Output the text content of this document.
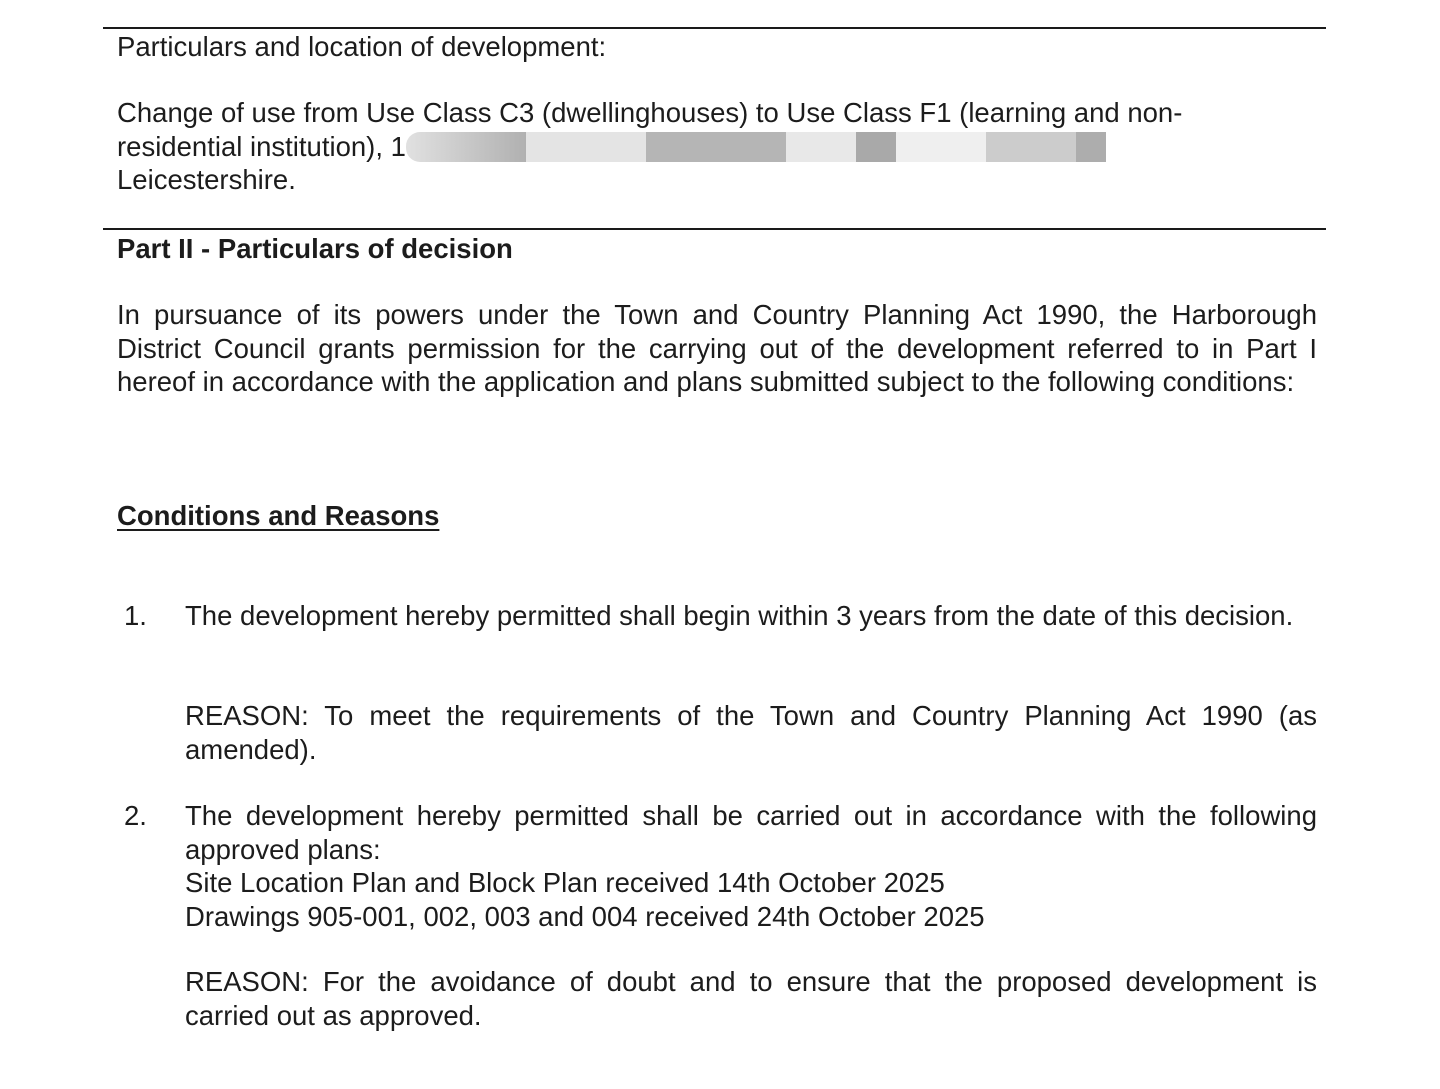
Particulars and location of development:

Change of use from Use Class C3 (dwellinghouses) to Use Class F1 (learning and non-

residential institution), 1

Leicestershire.

Part II - Particulars of decision
In pursuance of its powers under the Town and Country Planning Act 1990, the Harborough District Council grants permission for the carrying out of the development referred to in Part I hereof in accordance with the application and plans submitted subject to the following conditions:
Conditions and Reasons
1.	The development hereby permitted shall begin within 3 years from the date of this decision.
REASON: To meet the requirements of the Town and Country Planning Act 1990 (as amended).
2.	The development hereby permitted shall be carried out in accordance with the following approved plans:

Site Location Plan and Block Plan received 14th October 2025

Drawings 905-001, 002, 003 and 004 received 24th October 2025

REASON: For the avoidance of doubt and to ensure that the proposed development is carried out as approved.
